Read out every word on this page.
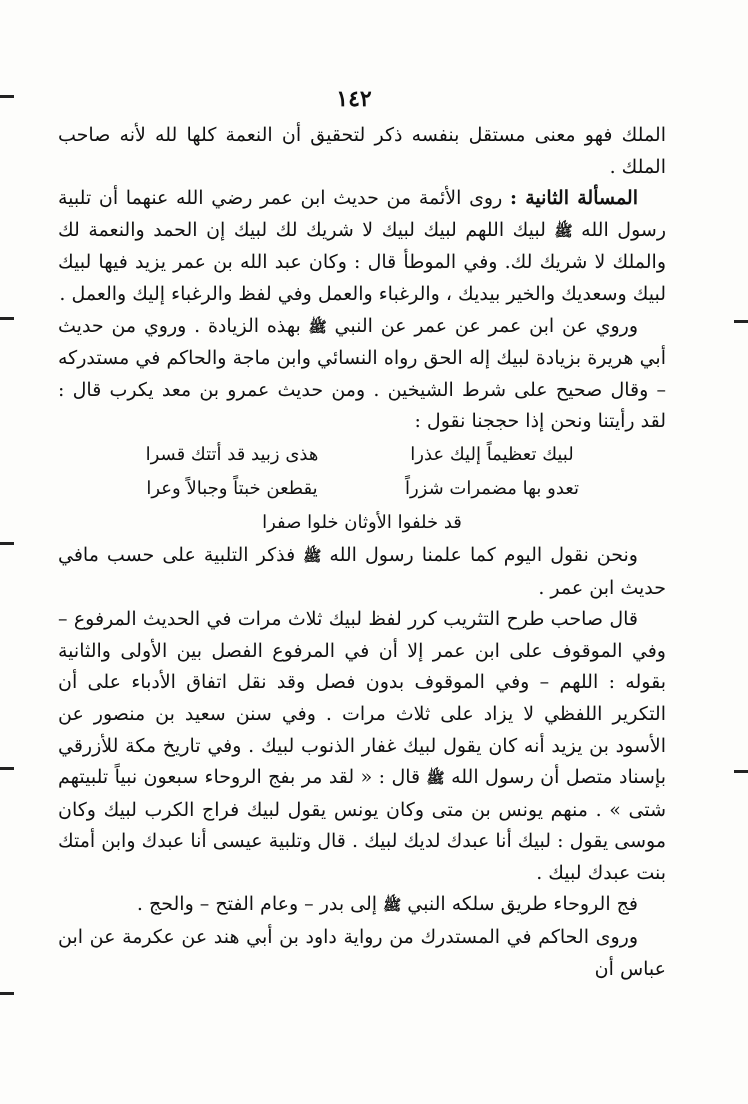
١٤٢

الملك فهو معنى مستقل بنفسه ذكر لتحقيق أن النعمة كلها لله لأنه صاحب الملك .

المسألة الثانية : روى الأئمة من حديث ابن عمر رضي الله عنهما أن تلبية رسول الله ﷺ لبيك اللهم لبيك لبيك لا شريك لك لبيك إن الحمد والنعمة لك والملك لا شريك لك. وفي الموطأ قال : وكان عبد الله بن عمر يزيد فيها لبيك لبيك وسعديك والخير بيديك ، والرغباء والعمل وفي لفظ والرغباء إليك والعمل .

وروي عن ابن عمر عن عمر عن النبي ﷺ بهذه الزيادة . وروي من حديث أبي هريرة بزيادة لبيك إله الحق رواه النسائي وابن ماجة والحاكم في مستدركه – وقال صحيح على شرط الشيخين . ومن حديث عمرو بن معد يكرب قال : لقد رأيتنا ونحن إذا حججنا نقول :

لبيك تعظيماً إليك عذرا	هذى زبيد قد أتتك قسرا
تعدو بها مضمرات شزراً	يقطعن خبتاً وجبالاً وعرا
قد خلفوا الأوثان خلوا صفرا

ونحن نقول اليوم كما علمنا رسول الله ﷺ فذكر التلبية على حسب مافي حديث ابن عمر .

قال صاحب طرح التثريب كرر لفظ لبيك ثلاث مرات في الحديث المرفوع – وفي الموقوف على ابن عمر إلا أن في المرفوع الفصل بين الأولى والثانية بقوله : اللهم – وفي الموقوف بدون فصل وقد نقل اتفاق الأدباء على أن التكرير اللفظي لا يزاد على ثلاث مرات . وفي سنن سعيد بن منصور عن الأسود بن يزيد أنه كان يقول لبيك غفار الذنوب لبيك . وفي تاريخ مكة للأزرقي بإسناد متصل أن رسول الله ﷺ قال : « لقد مر بفج الروحاء سبعون نبياً تلبيتهم شتى » . منهم يونس بن متى وكان يونس يقول لبيك فراج الكرب لبيك وكان موسى يقول : لبيك أنا عبدك لديك لبيك . قال وتلبية عيسى أنا عبدك وابن أمتك بنت عبدك لبيك .

فج الروحاء طريق سلكه النبي ﷺ إلى بدر – وعام الفتح – والحج .

وروى الحاكم في المستدرك من رواية داود بن أبي هند عن عكرمة عن ابن عباس أن
